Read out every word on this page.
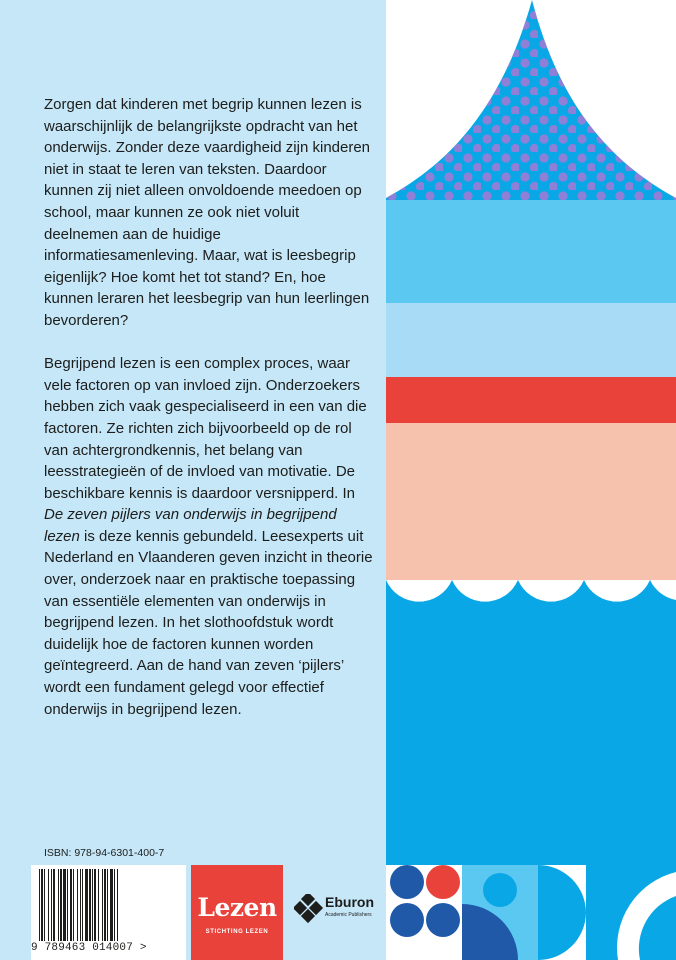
Zorgen dat kinderen met begrip kunnen lezen is waarschijnlijk de belangrijkste opdracht van het onderwijs. Zonder deze vaardigheid zijn kinderen niet in staat te leren van teksten. Daardoor kunnen zij niet alleen onvoldoende meedoen op school, maar kunnen ze ook niet voluit deelnemen aan de huidige informatiesamenleving. Maar, wat is leesbegrip eigenlijk? Hoe komt het tot stand? En, hoe kunnen leraren het leesbegrip van hun leerlingen bevorderen?

Begrijpend lezen is een complex proces, waar vele factoren op van invloed zijn. Onderzoekers hebben zich vaak gespecialiseerd in een van die factoren. Ze richten zich bijvoorbeeld op de rol van achtergrondkennis, het belang van leesstrategieën of de invloed van motivatie. De beschikbare kennis is daardoor versnipperd. In De zeven pijlers van onderwijs in begrijpend lezen is deze kennis gebundeld. Leesexperts uit Nederland en Vlaanderen geven inzicht in theorie over, onderzoek naar en praktische toepassing van essentiële elementen van onderwijs in begrijpend lezen. In het slothoofdstuk wordt duidelijk hoe de factoren kunnen worden geïntegreerd. Aan de hand van zeven ‘pijlers’ wordt een fundament gelegd voor effectief onderwijs in begrijpend lezen.

ISBN: 978-94-6301-400-7
9 789463 014007 >
Lezen
STICHTING LEZEN
Eburon
Academic Publishers
